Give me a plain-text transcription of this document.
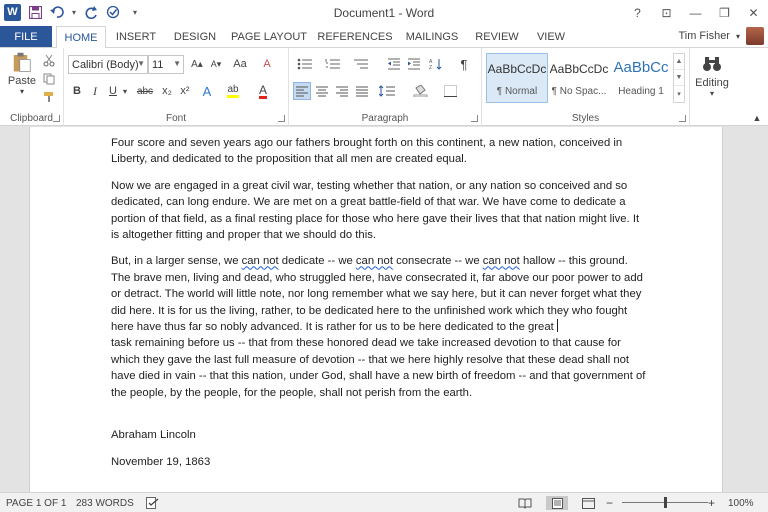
W	▾	▾	Document1 - Word	?	⊡	—	❐	✕
FILE	HOME	INSERT	DESIGN	PAGE LAYOUT REFERENCES	MAILINGS	REVIEW	VIEW	Tim Fisher ▾
Paste
▾
Clipboard
Calibri (Body)
▼ 11 ▼	A▴ A▾	Aa	A
B	I	U ▾ abc x₂ x²	A	ab A
Font
A
Z	¶
Paragraph
AaBbCcDc
¶ Normal
AaBbCcDc
¶ No Spac...
AaBbCc
Heading 1
▲
▼
▾
Styles
Editing
▾
▲

Four score and seven years ago our fathers brought forth on this continent, a new nation, conceived in Liberty, and dedicated to the proposition that all men are created equal.

Now we are engaged in a great civil war, testing whether that nation, or any nation so conceived and so dedicated, can long endure. We are met on a great battle-field of that war. We have come to dedicate a portion of that field, as a final resting place for those who here gave their lives that that nation might live. It is altogether fitting and proper that we should do this.

But, in a larger sense, we can not dedicate -- we can not consecrate -- we can not hallow -- this ground. The brave men, living and dead, who struggled here, have consecrated it, far above our poor power to add or detract. The world will little note, nor long remember what we say here, but it can never forget what they did here. It is for us the living, rather, to be dedicated here to the unfinished work which they who fought here have thus far so nobly advanced. It is rather for us to be here dedicated to the great
task remaining before us -- that from these honored dead we take increased devotion to that cause for which they gave the last full measure of devotion -- that we here highly resolve that these dead shall not have died in vain -- that this nation, under God, shall have a new birth of freedom -- and that government of the people, by the people, for the people, shall not perish from the earth.

Abraham Lincoln

November 19, 1863

PAGE 1 OF 1 283 WORDS	−	+ 100%
